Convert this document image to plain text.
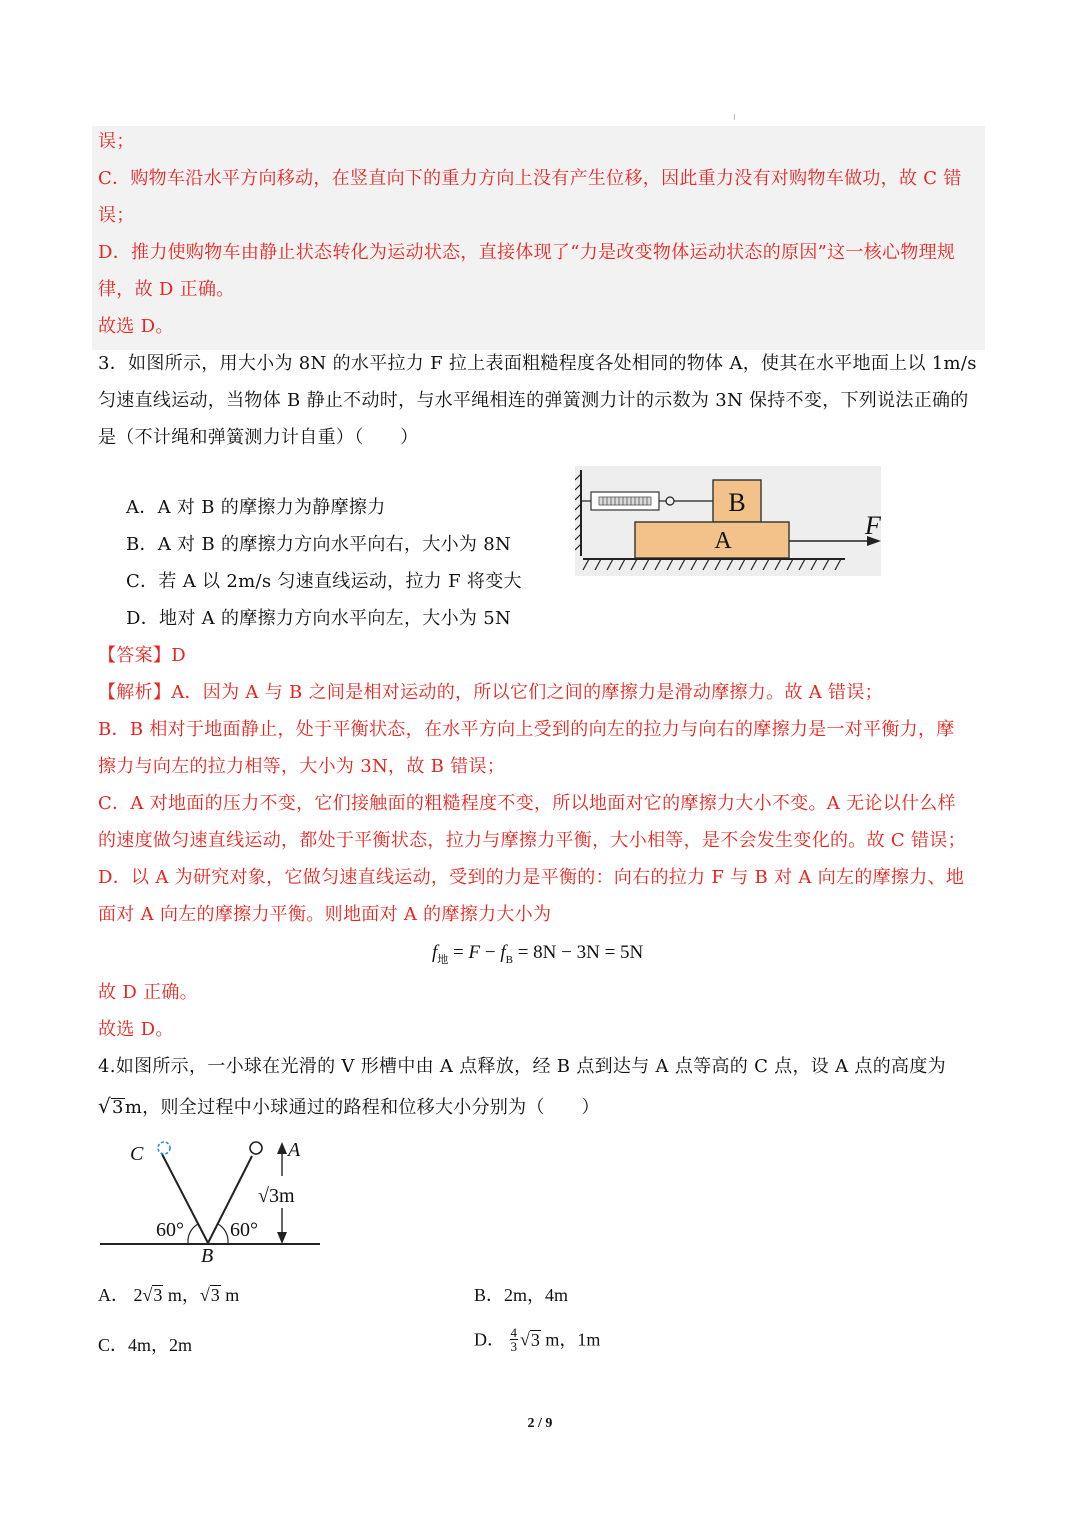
⁝
误；
C．购物车沿水平方向移动，在竖直向下的重力方向上没有产生位移，因此重力没有对购物车做功，故 C 错
误；
D．推力使购物车由静止状态转化为运动状态，直接体现了“力是改变物体运动状态的原因”这一核心物理规
律，故 D 正确。
故选 D。
3．如图所示，用大小为 8N 的水平拉力 F 拉上表面粗糙程度各处相同的物体 A，使其在水平地面上以 1m/s
匀速直线运动，当物体 B 静止不动时，与水平绳相连的弹簧测力计的示数为 3N 保持不变，下列说法正确的
是（不计绳和弹簧测力计自重）（　　）
A．A 对 B 的摩擦力为静摩擦力
B．A 对 B 的摩擦力方向水平向右，大小为 8N
C．若 A 以 2m/s 匀速直线运动，拉力 F 将变大
D．地对 A 的摩擦力方向水平向左，大小为 5N
B
A
F
【答案】D
【解析】A．因为 A 与 B 之间是相对运动的，所以它们之间的摩擦力是滑动摩擦力。故 A 错误；
B．B 相对于地面静止，处于平衡状态，在水平方向上受到的向左的拉力与向右的摩擦力是一对平衡力，摩
擦力与向左的拉力相等，大小为 3N，故 B 错误；
C．A 对地面的压力不变，它们接触面的粗糙程度不变，所以地面对它的摩擦力大小不变。A 无论以什么样
的速度做匀速直线运动，都处于平衡状态，拉力与摩擦力平衡，大小相等，是不会发生变化的。故 C 错误；
D．以 A 为研究对象，它做匀速直线运动，受到的力是平衡的：向右的拉力 F 与 B 对 A 向左的摩擦力、地
面对 A 向左的摩擦力平衡。则地面对 A 的摩擦力大小为
$f_地 = F - f_B = 8N - 3N = 5N$
故 D 正确。
故选 D。
4.如图所示，一小球在光滑的 V 形槽中由 A 点释放，经 B 点到达与 A 点等高的 C 点，设 A 点的高度为
√3m，则全过程中小球通过的路程和位移大小分别为（　　）
C	A
B
√3m
60° 60°
A． 2√3 m，√3 m	B．2m，4m
C．4m，2m	D． $\frac{4}{3} √3$ m，1m
2 / 9
